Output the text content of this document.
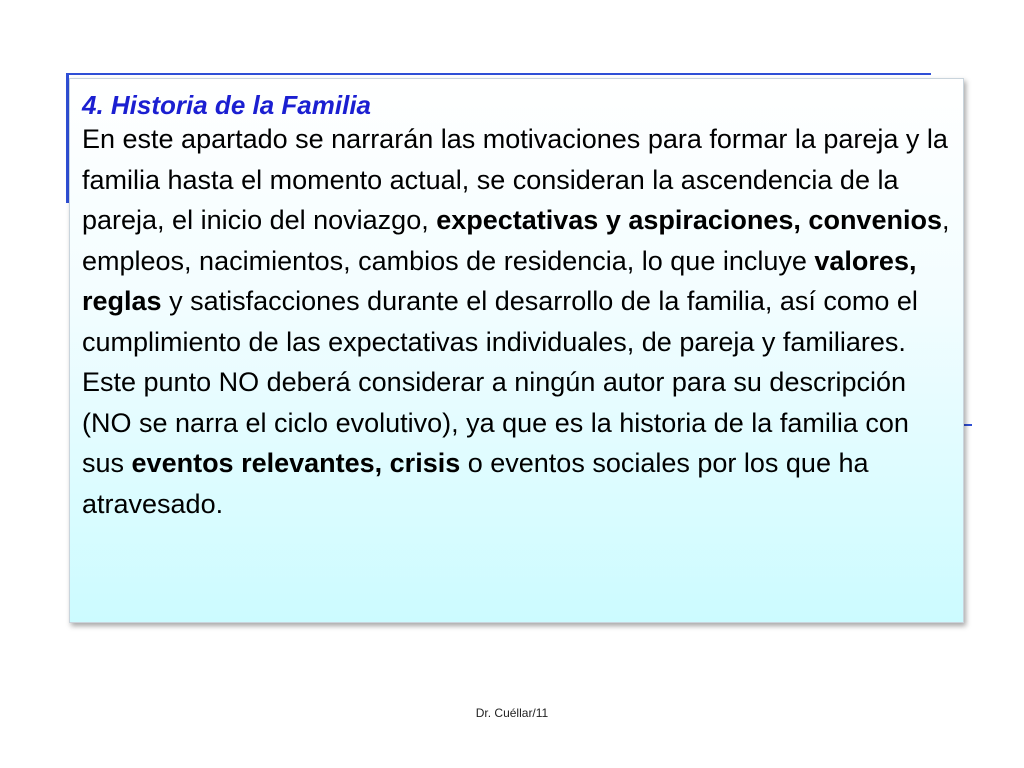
4. Historia de la Familia

En este apartado se narrarán las motivaciones para formar la pareja y la familia hasta el momento actual, se consideran la ascendencia de la pareja, el inicio del noviazgo, expectativas y aspiraciones, convenios, empleos, nacimientos, cambios de residencia, lo que incluye valores, reglas y satisfacciones durante el desarrollo de la familia, así como el cumplimiento de las expectativas individuales, de pareja y familiares.

Este punto NO deberá considerar a ningún autor para su descripción (NO se narra el ciclo evolutivo), ya que es la historia de la familia con sus eventos relevantes, crisis o eventos sociales por los que ha atravesado.

Dr. Cuéllar/11
